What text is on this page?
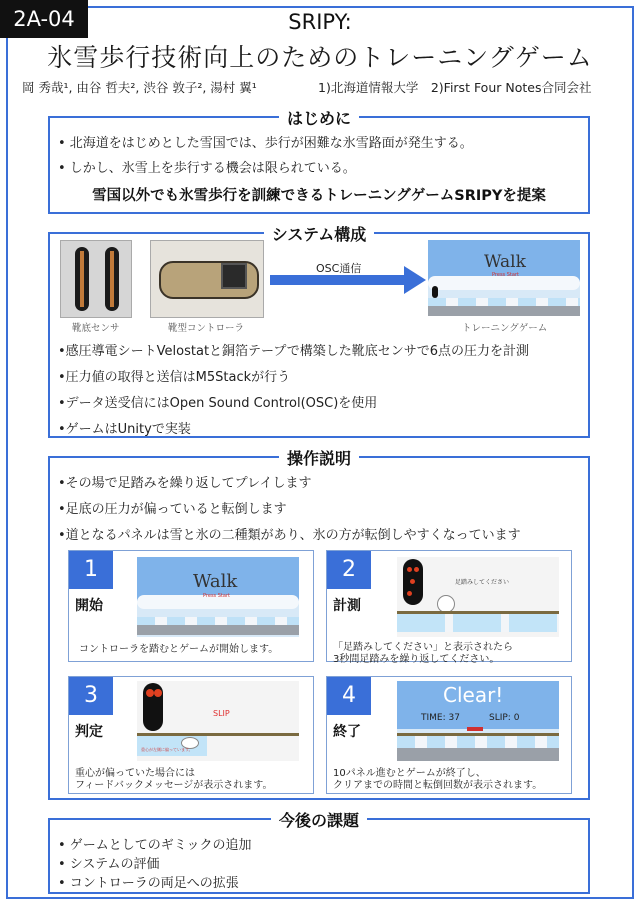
2A-04	SRIPY:
氷雪歩行技術向上のためのトレーニングゲーム
岡 秀哉¹, 由谷 哲夫², 渋谷 敦子², 湯村 翼¹	1)北海道情報大学　2)First Four Notes合同会社
はじめに
• 北海道をはじめとした雪国では、歩行が困難な氷雪路面が発生する。
• しかし、氷雪上を歩行する機会は限られている。
雪国以外でも氷雪歩行を訓練できるトレーニングゲームSRIPYを提案
システム構成
OSC通信	Walk
Press Start
靴底センサ	靴型コントローラ	トレーニングゲーム
•感圧導電シートVelostatと銅箔テープで構築した靴底センサで6点の圧力を計測
•圧力値の取得と送信はM5Stackが行う
•データ送受信にはOpen Sound Control(OSC)を使用
•ゲームはUnityで実装
操作説明
•その場で足踏みを繰り返してプレイします
•足底の圧力が偏っていると転倒します
•道となるパネルは雪と氷の二種類があり、氷の方が転倒しやすくなっています
1
開始
Walk
Press Start
コントローラを踏むとゲームが開始します。
2
計測
足踏みしてください
「足踏みしてください」と表示されたら
3秒間足踏みを繰り返してください。
3
判定
SLIP
重心が左側に偏っています。
重心が偏っていた場合には
フィードバックメッセージが表示されます。
4
終了
Clear!
TIME: 37	SLIP: 0
10パネル進むとゲームが終了し、
クリアまでの時間と転倒回数が表示されます。
今後の課題
• ゲームとしてのギミックの追加
• システムの評価
• コントローラの両足への拡張
